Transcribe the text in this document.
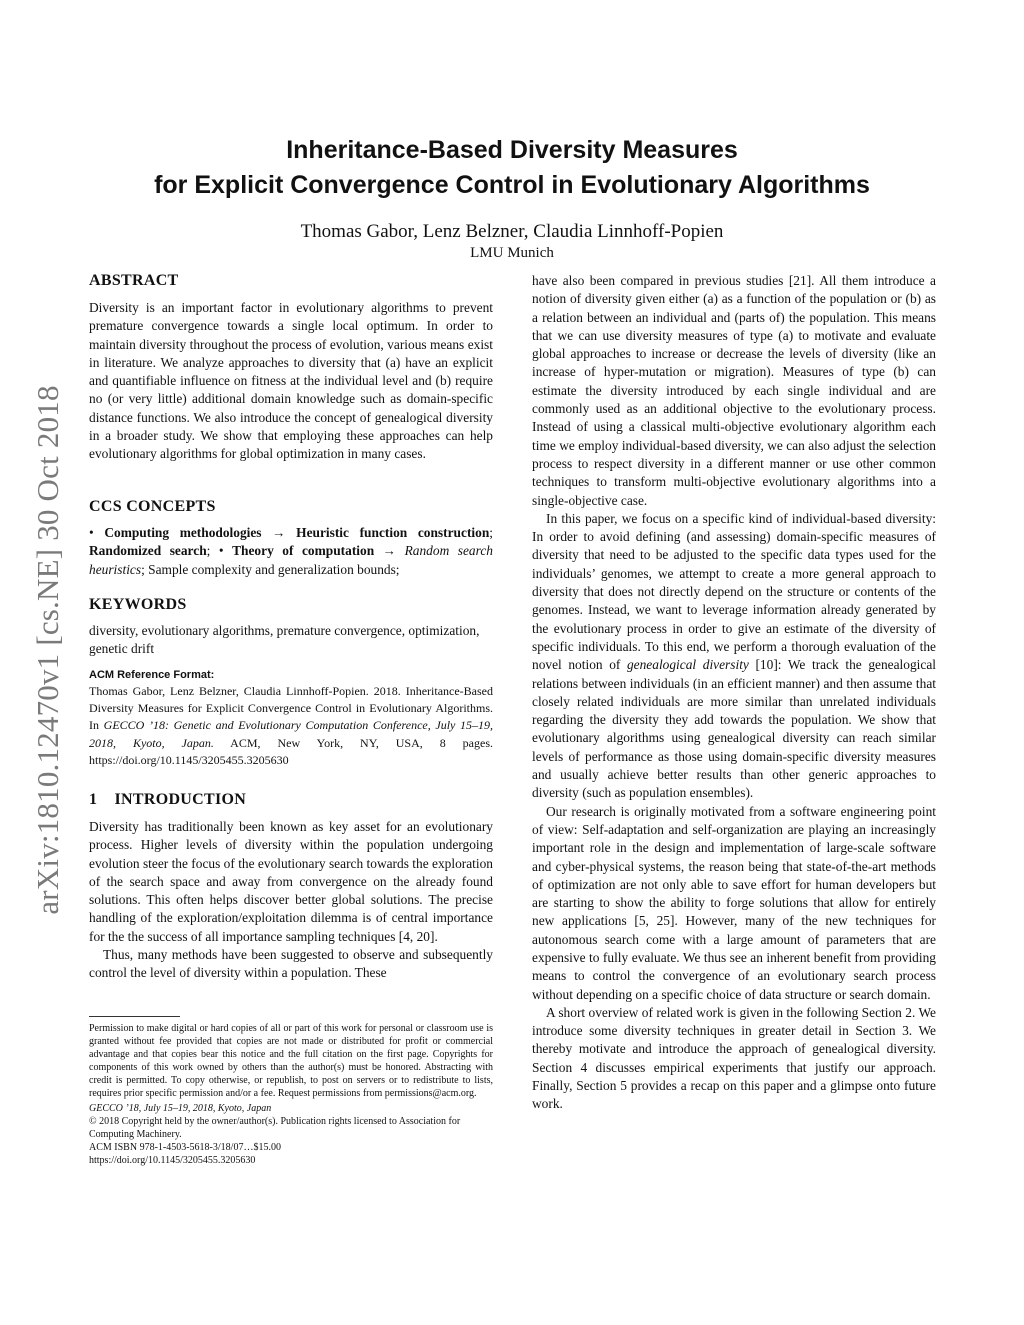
Inheritance-Based Diversity Measures
for Explicit Convergence Control in Evolutionary Algorithms
Thomas Gabor, Lenz Belzner, Claudia Linnhoff-Popien
LMU Munich
arXiv:1810.12470v1 [cs.NE] 30 Oct 2018

ABSTRACT

Diversity is an important factor in evolutionary algorithms to prevent premature convergence towards a single local optimum. In order to maintain diversity throughout the process of evolution, various means exist in literature. We analyze approaches to diversity that (a) have an explicit and quantifiable influence on fitness at the individual level and (b) require no (or very little) additional domain knowledge such as domain-specific distance functions. We also introduce the concept of genealogical diversity in a broader study. We show that employing these approaches can help evolutionary algorithms for global optimization in many cases.

CCS CONCEPTS

• Computing methodologies → Heuristic function construction; Randomized search; • Theory of computation → Random search heuristics; Sample complexity and generalization bounds;

KEYWORDS

diversity, evolutionary algorithms, premature convergence, optimization, genetic drift

ACM Reference Format:

Thomas Gabor, Lenz Belzner, Claudia Linnhoff-Popien. 2018. Inheritance-Based Diversity Measures for Explicit Convergence Control in Evolutionary Algorithms. In GECCO ’18: Genetic and Evolutionary Computation Conference, July 15–19, 2018, Kyoto, Japan. ACM, New York, NY, USA, 8 pages. https://doi.org/10.1145/3205455.3205630

1    INTRODUCTION

Diversity has traditionally been known as key asset for an evolutionary process. Higher levels of diversity within the population undergoing evolution steer the focus of the evolutionary search towards the exploration of the search space and away from convergence on the already found solutions. This often helps discover better global solutions. The precise handling of the exploration/exploitation dilemma is of central importance for the the success of all importance sampling techniques [4, 20].

Thus, many methods have been suggested to observe and subsequently control the level of diversity within a population. These

Permission to make digital or hard copies of all or part of this work for personal or classroom use is granted without fee provided that copies are not made or distributed for profit or commercial advantage and that copies bear this notice and the full citation on the first page. Copyrights for components of this work owned by others than the author(s) must be honored. Abstracting with credit is permitted. To copy otherwise, or republish, to post on servers or to redistribute to lists, requires prior specific permission and/or a fee. Request permissions from permissions@acm.org.

GECCO ’18, July 15–19, 2018, Kyoto, Japan

© 2018 Copyright held by the owner/author(s). Publication rights licensed to Association for Computing Machinery.

ACM ISBN 978-1-4503-5618-3/18/07…$15.00

https://doi.org/10.1145/3205455.3205630

have also been compared in previous studies [21]. All them introduce a notion of diversity given either (a) as a function of the population or (b) as a relation between an individual and (parts of) the population. This means that we can use diversity measures of type (a) to motivate and evaluate global approaches to increase or decrease the levels of diversity (like an increase of hyper-mutation or migration). Measures of type (b) can estimate the diversity introduced by each single individual and are commonly used as an additional objective to the evolutionary process. Instead of using a classical multi-objective evolutionary algorithm each time we employ individual-based diversity, we can also adjust the selection process to respect diversity in a different manner or use other common techniques to transform multi-objective evolutionary algorithms into a single-objective case.

In this paper, we focus on a specific kind of individual-based diversity: In order to avoid defining (and assessing) domain-specific measures of diversity that need to be adjusted to the specific data types used for the individuals’ genomes, we attempt to create a more general approach to diversity that does not directly depend on the structure or contents of the genomes. Instead, we want to leverage information already generated by the evolutionary process in order to give an estimate of the diversity of specific individuals. To this end, we perform a thorough evaluation of the novel notion of genealogical diversity [10]: We track the genealogical relations between individuals (in an efficient manner) and then assume that closely related individuals are more similar than unrelated individuals regarding the diversity they add towards the population. We show that evolutionary algorithms using genealogical diversity can reach similar levels of performance as those using domain-specific diversity measures and usually achieve better results than other generic approaches to diversity (such as population ensembles).

Our research is originally motivated from a software engineering point of view: Self-adaptation and self-organization are playing an increasingly important role in the design and implementation of large-scale software and cyber-physical systems, the reason being that state-of-the-art methods of optimization are not only able to save effort for human developers but are starting to show the ability to forge solutions that allow for entirely new applications [5, 25]. However, many of the new techniques for autonomous search come with a large amount of parameters that are expensive to fully evaluate. We thus see an inherent benefit from providing means to control the convergence of an evolutionary search process without depending on a specific choice of data structure or search domain.

A short overview of related work is given in the following Section 2. We introduce some diversity techniques in greater detail in Section 3. We thereby motivate and introduce the approach of genealogical diversity. Section 4 discusses empirical experiments that justify our approach. Finally, Section 5 provides a recap on this paper and a glimpse onto future work.
